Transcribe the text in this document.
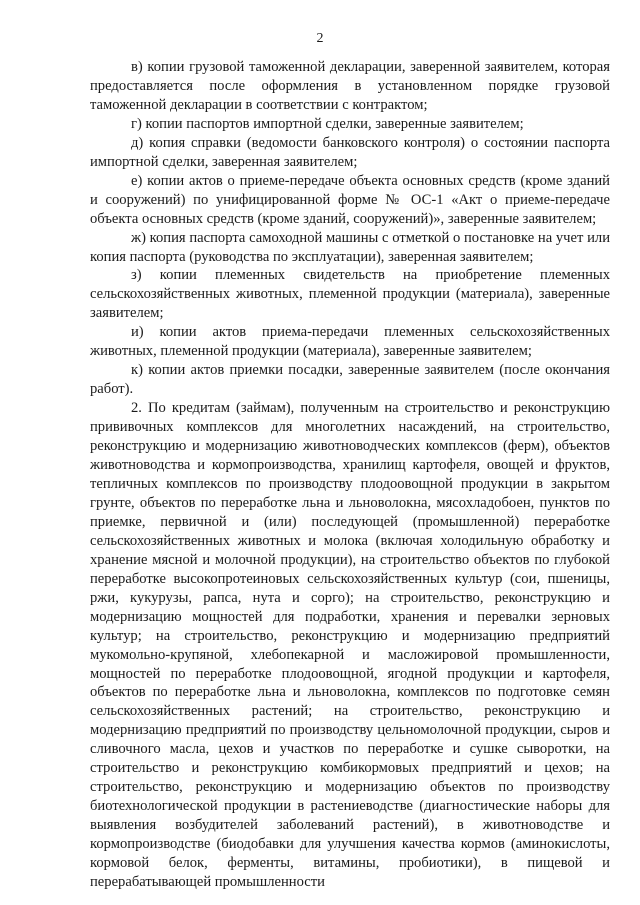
2

в) копии грузовой таможенной декларации, заверенной заявителем, которая предоставляется после оформления в установленном порядке грузовой таможенной декларации в соответствии с контрактом;

г) копии паспортов импортной сделки, заверенные заявителем;

д) копия справки (ведомости банковского контроля) о состоянии паспорта импортной сделки, заверенная заявителем;

е) копии актов о приеме-передаче объекта основных средств (кроме зданий и сооружений) по унифицированной форме № ОС-1 «Акт о приеме-передаче объекта основных средств (кроме зданий, сооружений)», заверенные заявителем;

ж) копия паспорта самоходной машины с отметкой о постановке на учет или копия паспорта (руководства по эксплуатации), заверенная заявителем;

з) копии племенных свидетельств на приобретение племенных сельскохозяйственных животных, племенной продукции (материала), заверенные заявителем;

и) копии актов приема-передачи племенных сельскохозяйственных животных, племенной продукции (материала), заверенные заявителем;

к) копии актов приемки посадки, заверенные заявителем (после окончания работ).

2. По кредитам (займам), полученным на строительство и реконструкцию прививочных комплексов для многолетних насаждений, на строительство, реконструкцию и модернизацию животноводческих комплексов (ферм), объектов животноводства и кормопроизводства, хранилищ картофеля, овощей и фруктов, тепличных комплексов по производству плодоовощной продукции в закрытом грунте, объектов по переработке льна и льноволокна, мясохладобоен, пунктов по приемке, первичной и (или) последующей (промышленной) переработке сельскохозяйственных животных и молока (включая холодильную обработку и хранение мясной и молочной продукции), на строительство объектов по глубокой переработке высокопротеиновых сельскохозяйственных культур (сои, пшеницы, ржи, кукурузы, рапса, нута и сорго); на строительство, реконструкцию и модернизацию мощностей для подработки, хранения и перевалки зерновых культур; на строительство, реконструкцию и модернизацию предприятий мукомольно-крупяной, хлебопекарной и масложировой промышленности, мощностей по переработке плодоовощной, ягодной продукции и картофеля, объектов по переработке льна и льноволокна, комплексов по подготовке семян сельскохозяйственных растений; на строительство, реконструкцию и модернизацию предприятий по производству цельномолочной продукции, сыров и сливочного масла, цехов и участков по переработке и сушке сыворотки, на строительство и реконструкцию комбикормовых предприятий и цехов; на строительство, реконструкцию и модернизацию объектов по производству биотехнологической продукции в растениеводстве (диагностические наборы для выявления возбудителей заболеваний растений), в животноводстве и кормопроизводстве (биодобавки для улучшения качества кормов (аминокислоты, кормовой белок, ферменты, витамины, пробиотики), в пищевой и перерабатывающей промышленности
